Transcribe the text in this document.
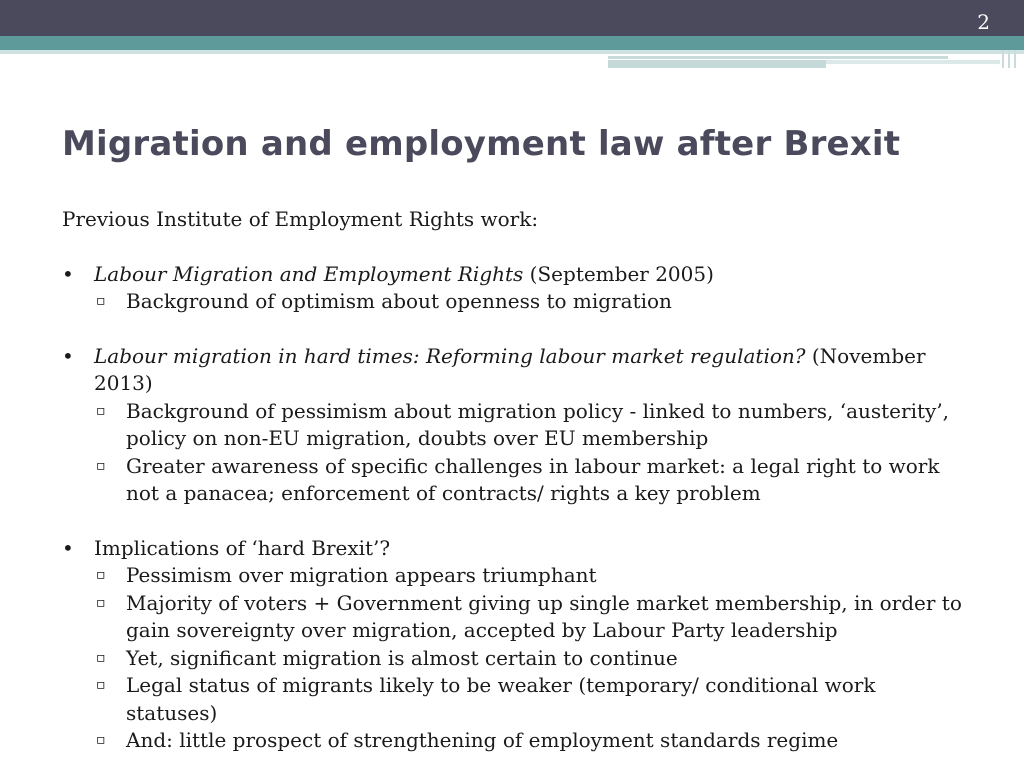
2
Migration and employment law after Brexit

Previous Institute of Employment Rights work:

• Labour Migration and Employment Rights (September 2005)
▫ Background of optimism about openness to migration
• Labour migration in hard times: Reforming labour market regulation? (November 2013)
▫ Background of pessimism about migration policy - linked to numbers, ‘austerity’, policy on non-EU migration, doubts over EU membership
▫ Greater awareness of specific challenges in labour market: a legal right to work not a panacea; enforcement of contracts/ rights a key problem
• Implications of ‘hard Brexit’?
▫ Pessimism over migration appears triumphant
▫ Majority of voters + Government giving up single market membership, in order to gain sovereignty over migration, accepted by Labour Party leadership
▫ Yet, significant migration is almost certain to continue
▫ Legal status of migrants likely to be weaker (temporary/ conditional work statuses)
▫ And: little prospect of strengthening of employment standards regime
